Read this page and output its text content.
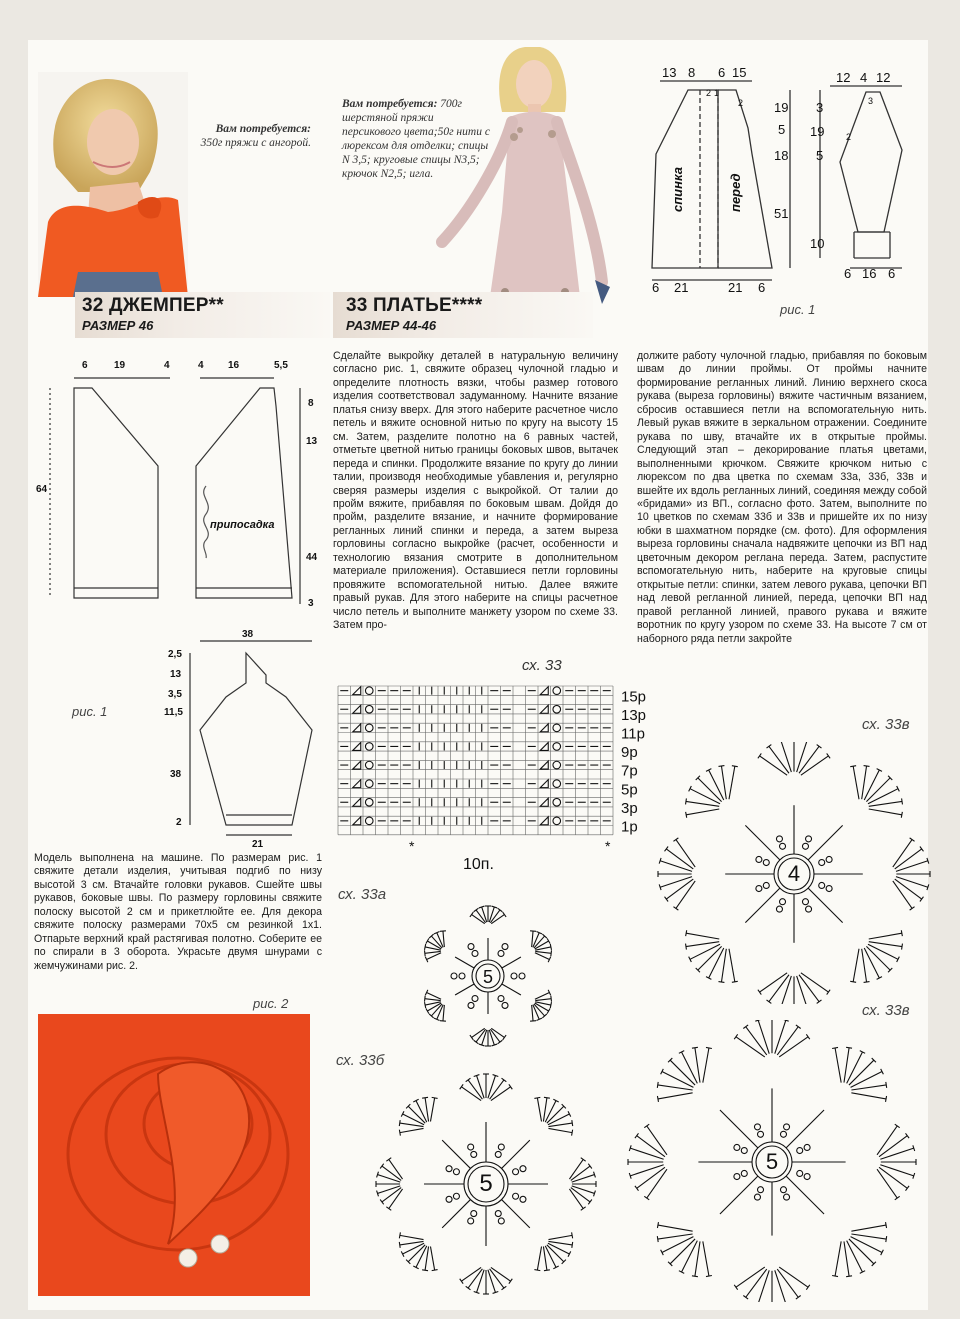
Вам потребуется:
350г пряжи с ангорой.
Вам потребуется: 700г шерстяной пряжи персикового цвета;50г нити с люрексом для отделки; спицы N 3,5; круговые спицы N3,5; крючок N2,5; игла.
32 ДЖЕМПЕР**
РАЗМЕР 46
33 ПЛАТЬЕ****
РАЗМЕР 44-46
13 8 6 15
19
5
18
51
6 21	21 6
12 4 12
3
19
5
10
6 16 6
2 1
2	3
2
спинка	перед
рис. 1
6	19	4	4 16	5,5
8
13
44
3
64
припосадка
38
2,5
13
3,5
11,5
38
2
21
рис. 1
Модель выполнена на машине. По размерам рис. 1 свяжите детали изделия, учитывая подгиб по низу высотой 3 см. Втачайте головки рукавов. Сшейте швы рукавов, боковые швы. По размеру горловины свяжите полоску высотой 2 см и прикетлюйте ее. Для декора свяжите полоску размерами 70х5 см резинкой 1х1. Отпарьте верхний край растягивая полотно. Соберите ее по спирали в 3 оборота. Украсьте двумя шнурами с жемчужинами рис. 2.
рис. 2
Сделайте выкройку деталей в натуральную величину согласно рис. 1, свяжите образец чулочной гладью и определите плотность вязки, чтобы размер готового изделия соответствовал задуманному. Начните вязание платья снизу вверх. Для этого наберите расчетное число петель и вяжите основной нитью по кругу на высоту 15 см. Затем, разделите полотно на 6 равных частей, отметьте цветной нитью границы боковых швов, вытачек переда и спинки. Продолжите вязание по кругу до линии талии, производя необходимые убавления и, регулярно сверяя размеры изделия с выкройкой. От талии до пройм вяжите, прибавляя по боковым швам. Дойдя до пройм, разделите вязание, и начните формирование регланных линий спинки и переда, а затем выреза горловины согласно выкройке (расчет, особенности и технологию вязания смотрите в дополнительном материале приложения). Оставшиеся петли горловины провяжите вспомогательной нитью. Далее вяжите правый рукав. Для этого наберите на спицы расчетное число петель и выполните манжету узором по схеме 33. Затем про-
должите работу чулочной гладью, прибавляя по боковым швам до линии проймы. От проймы начните формирование регланных линий. Линию верхнего скоса рукава (выреза горловины) вяжите частичным вязанием, сбросив оставшиеся петли на вспомогательную нить. Левый рукав вяжите в зеркальном отражении. Соедините рукава по шву, втачайте их в открытые проймы. Следующий этап – декорирование платья цветами, выполненными крючком. Свяжите крючком нитью с люрексом по два цветка по схемам 33а, 33б, 33в и вшейте их вдоль регланных линий, соединяя между собой «бридами» из ВП., согласно фото. Затем, выполните по 10 цветков по схемам 33б и 33в и пришейте их по низу юбки в шахматном порядке (см. фото). Для оформления выреза горловины сначала надвяжите цепочки из ВП над цветочным декором реглана переда. Затем, распустите вспомогательную нить, наберите на круговые спицы открытые петли: спинки, затем левого рукава, цепочки ВП над левой регланной линией, переда, цепочки ВП над правой регланной линией, правого рукава и вяжите воротник по кругу узором по схеме 33. На высоте 7 см от наборного ряда петли закройте
сх. 33
15р
13р
11р
9р
7р
5р
3р
1р
*	*
10п.
сх. 33а
5
сх. 33б
5
сх. 33в
4
сх. 33в
5
